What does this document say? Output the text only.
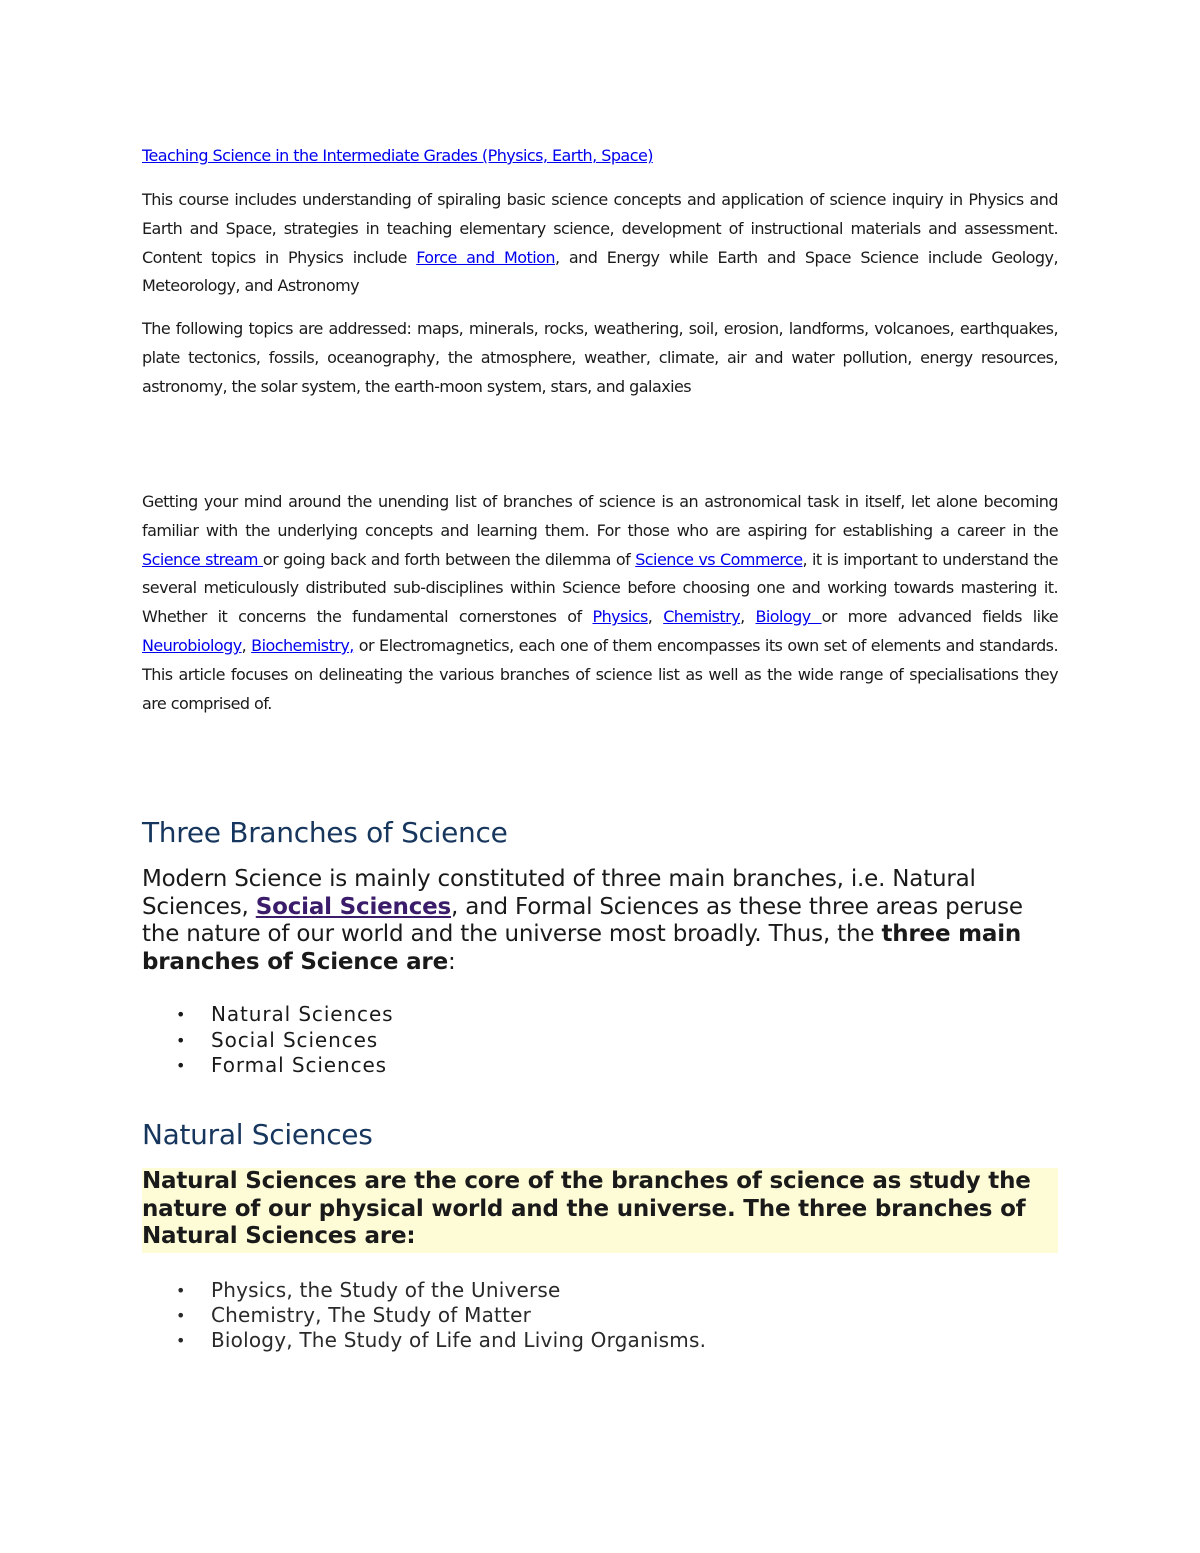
Teaching Science in the Intermediate Grades (Physics, Earth, Space)

This course includes understanding of spiraling basic science concepts and application of science inquiry in Physics and Earth and Space, strategies in teaching elementary science, development of instructional materials and assessment. Content topics in Physics include Force and Motion, and Energy while Earth and Space Science include Geology, Meteorology, and Astronomy

The following topics are addressed: maps, minerals, rocks, weathering, soil, erosion, landforms, volcanoes, earthquakes, plate tectonics, fossils, oceanography, the atmosphere, weather, climate, air and water pollution, energy resources, astronomy, the solar system, the earth-moon system, stars, and galaxies

Getting your mind around the unending list of branches of science is an astronomical task in itself, let alone becoming familiar with the underlying concepts and learning them. For those who are aspiring for establishing a career in the Science stream or going back and forth between the dilemma of Science vs Commerce, it is important to understand the several meticulously distributed sub-disciplines within Science before choosing one and working towards mastering it. Whether it concerns the fundamental cornerstones of Physics, Chemistry, Biology or more advanced fields like Neurobiology, Biochemistry, or Electromagnetics, each one of them encompasses its own set of elements and standards. This article focuses on delineating the various branches of science list as well as the wide range of specialisations they are comprised of.

Three Branches of Science

Modern Science is mainly constituted of three main branches, i.e. Natural Sciences, Social Sciences, and Formal Sciences as these three areas peruse the nature of our world and the universe most broadly. Thus, the three main branches of Science are:

• Natural Sciences
• Social Sciences
• Formal Sciences
Natural Sciences

Natural Sciences are the core of the branches of science as study the nature of our physical world and the universe. The three branches of Natural Sciences are:

• Physics, the Study of the Universe
• Chemistry, The Study of Matter
• Biology, The Study of Life and Living Organisms.
